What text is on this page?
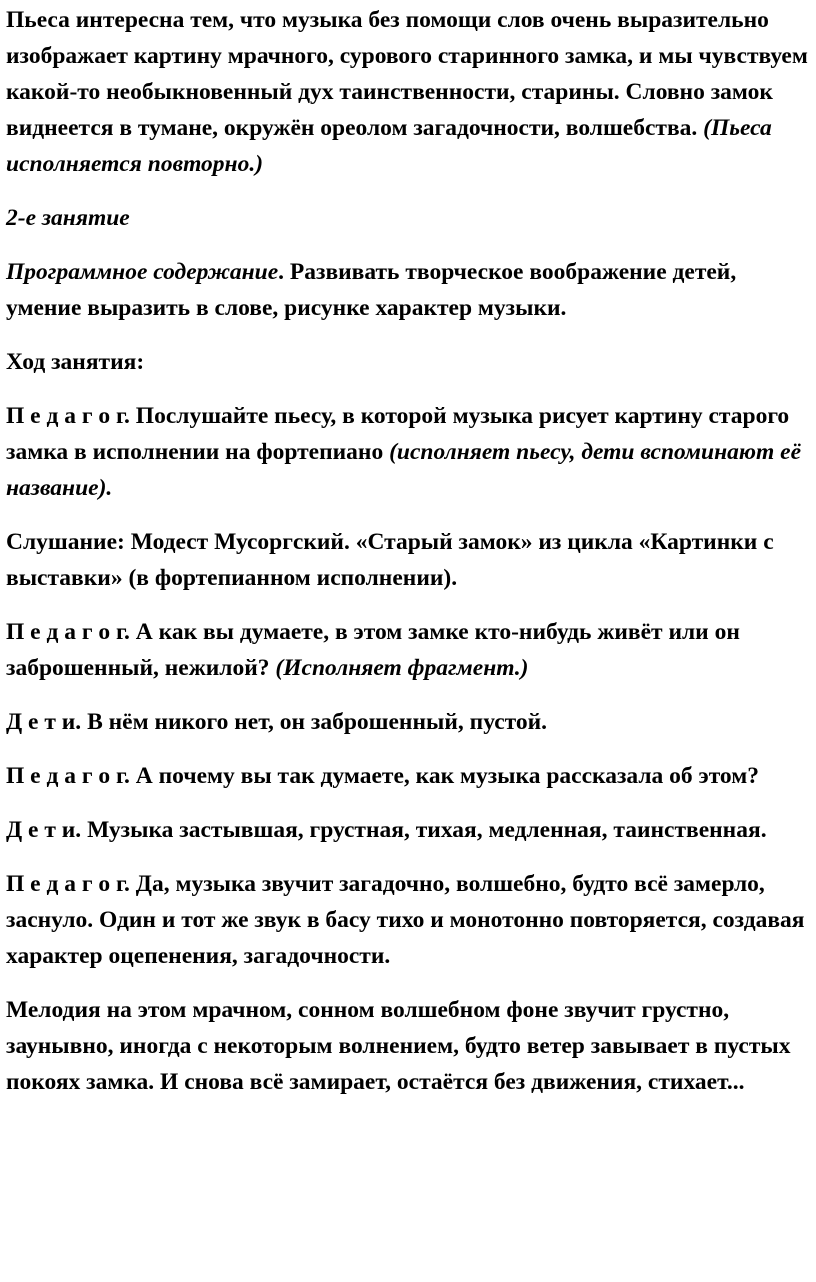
Пьеса интересна тем, что музыка без помощи слов очень выразительно изображает картину мрачного, сурового старинного замка, и мы чувствуем какой-то необыкновенный дух таинственности, старины. Словно замок виднеется в тумане, окружён ореолом загадочности, волшебства. (Пьеса исполняется повторно.)

2-е занятие

Программное содержание. Развивать творческое воображение детей, умение выразить в слове, рисунке характер музыки.

Ход занятия:

П е д а г о г. Послушайте пьесу, в которой музыка рисует картину старого замка в исполнении на фортепиано (исполняет пьесу, дети вспоминают её название).

Слушание: Модест Мусоргский. «Старый замок» из цикла «Картинки с выставки» (в фортепианном исполнении).

П е д а г о г. А как вы думаете, в этом замке кто-нибудь живёт или он заброшенный, нежилой? (Исполняет фрагмент.)

Д е т и. В нём никого нет, он заброшенный, пустой.

П е д а г о г. А почему вы так думаете, как музыка рассказала об этом?

Д е т и. Музыка застывшая, грустная, тихая, медленная, таинственная.

П е д а г о г. Да, музыка звучит загадочно, волшебно, будто всё замерло, заснуло. Один и тот же звук в басу тихо и монотонно повторяется, создавая характер оцепенения, загадочности.

Мелодия на этом мрачном, сонном волшебном фоне звучит грустно, заунывно, иногда с некоторым волнением, будто ветер завывает в пустых покоях замка. И снова всё замирает, остаётся без движения, стихает...
